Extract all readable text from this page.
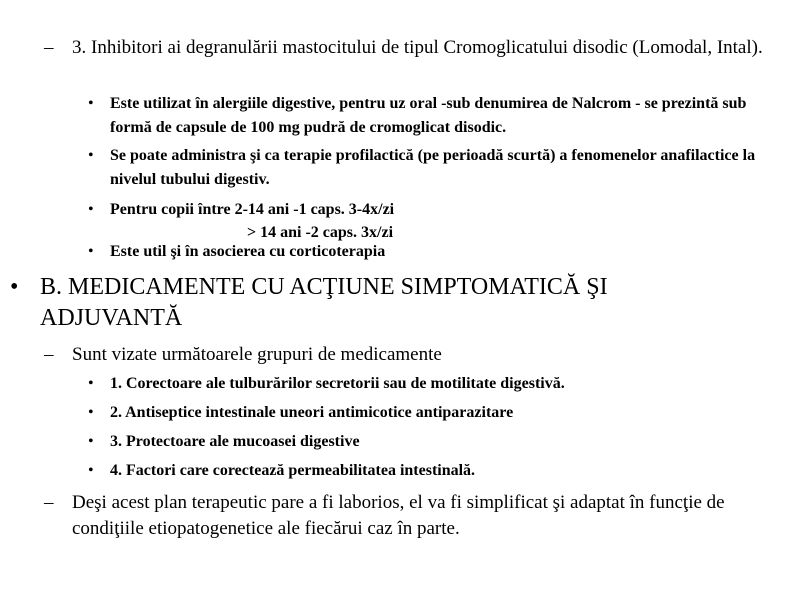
– 3. Inhibitori ai degranulării mastocitului de tipul Cromoglicatului disodic (Lomodal, Intal).
• Este utilizat în alergiile digestive, pentru uz oral -sub denumirea de Nalcrom - se prezintă sub formă de capsule de 100 mg pudră de cromoglicat disodic.
• Se poate administra şi ca terapie profilactică (pe perioadă scurtă) a fenomenelor anafilactice la nivelul tubului digestiv.
• Pentru copii între 2-14 ani -1 caps. 3-4x/zi
> 14 ani -2 caps. 3x/zi
• Este util şi în asocierea cu corticoterapia
• B. MEDICAMENTE CU ACŢIUNE SIMPTOMATICĂ ŞI ADJUVANTĂ
– Sunt vizate următoarele grupuri de medicamente
• 1. Corectoare ale tulburărilor secretorii sau de motilitate digestivă.
• 2. Antiseptice intestinale uneori antimicotice antiparazitare
• 3. Protectoare ale mucoasei digestive
• 4. Factori care corectează permeabilitatea intestinală.
– Deşi acest plan terapeutic pare a fi laborios, el va fi simplificat şi adaptat în funcţie de condiţiile etiopatogenetice ale fiecărui caz în parte.
